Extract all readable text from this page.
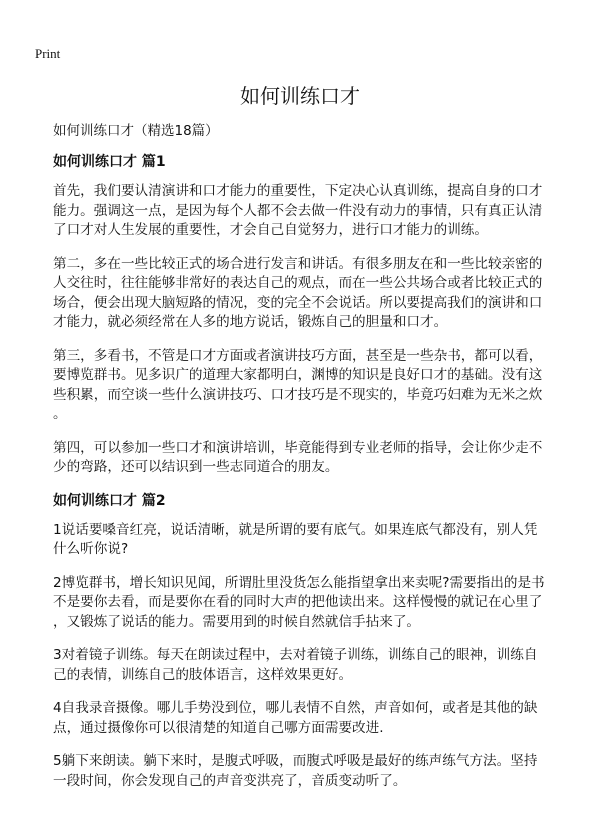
Print
如何训练口才
如何训练口才（精选18篇）
如何训练口才 篇1
首先，我们要认清演讲和口才能力的重要性，下定决心认真训练，提高自身的口才
能力。强调这一点，是因为每个人都不会去做一件没有动力的事情，只有真正认清
了口才对人生发展的重要性，才会自己自觉努力，进行口才能力的训练。
第二，多在一些比较正式的场合进行发言和讲话。有很多朋友在和一些比较亲密的
人交往时，往往能够非常好的表达自己的观点，而在一些公共场合或者比较正式的
场合，便会出现大脑短路的情况，变的完全不会说话。所以要提高我们的演讲和口
才能力，就必须经常在人多的地方说话，锻炼自己的胆量和口才。
第三，多看书，不管是口才方面或者演讲技巧方面，甚至是一些杂书，都可以看，
要博览群书。见多识广的道理大家都明白，渊博的知识是良好口才的基础。没有这
些积累，而空谈一些什么演讲技巧、口才技巧是不现实的，毕竟巧妇难为无米之炊
。
第四，可以参加一些口才和演讲培训，毕竟能得到专业老师的指导，会让你少走不
少的弯路，还可以结识到一些志同道合的朋友。
如何训练口才 篇2
1说话要嗓音红亮，说话清晰，就是所谓的要有底气。如果连底气都没有，别人凭
什么听你说?
2博览群书，增长知识见闻，所谓肚里没货怎么能指望拿出来卖呢?需要指出的是书
不是要你去看，而是要你在看的同时大声的把他读出来。这样慢慢的就记在心里了
，又锻炼了说话的能力。需要用到的时候自然就信手拈来了。
3对着镜子训练。每天在朗读过程中，去对着镜子训练，训练自己的眼神，训练自
己的表情，训练自己的肢体语言，这样效果更好。
4自我录音摄像。哪儿手势没到位，哪儿表情不自然，声音如何，或者是其他的缺
点，通过摄像你可以很清楚的知道自己哪方面需要改进.
5躺下来朗读。躺下来时，是腹式呼吸，而腹式呼吸是最好的练声练气方法。坚持
一段时间，你会发现自己的声音变洪亮了，音质变动听了。
